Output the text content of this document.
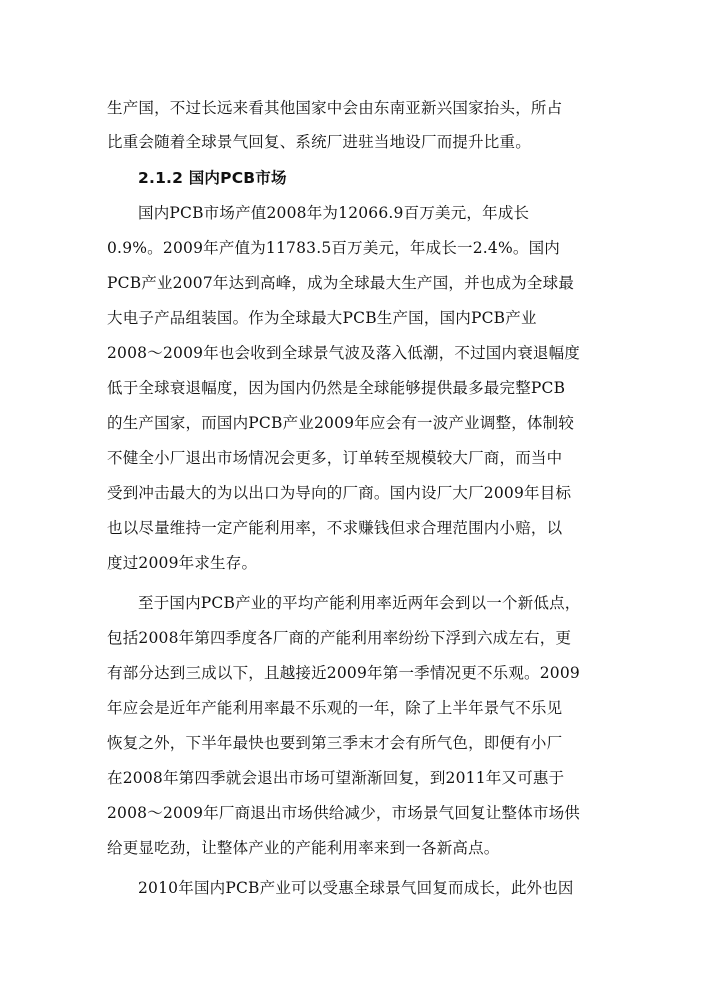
生产国，不过长远来看其他国家中会由东南亚新兴国家抬头，所占
比重会随着全球景气回复、系统厂进驻当地设厂而提升比重。
2.1.2 国内PCB市场
国内PCB市场产值2008年为12066.9百万美元，年成长
0.9%。2009年产值为11783.5百万美元，年成长一2.4%。国内
PCB产业2007年达到高峰，成为全球最大生产国，并也成为全球最
大电子产品组装国。作为全球最大PCB生产国，国内PCB产业
2008～2009年也会收到全球景气波及落入低潮，不过国内衰退幅度
低于全球衰退幅度，因为国内仍然是全球能够提供最多最完整PCB
的生产国家，而国内PCB产业2009年应会有一波产业调整，体制较
不健全小厂退出市场情况会更多，订单转至规模较大厂商，而当中
受到冲击最大的为以出口为导向的厂商。国内设厂大厂2009年目标
也以尽量维持一定产能利用率，不求赚钱但求合理范围内小赔，以
度过2009年求生存。
至于国内PCB产业的平均产能利用率近两年会到以一个新低点，
包括2008年第四季度各厂商的产能利用率纷纷下浮到六成左右，更
有部分达到三成以下，且越接近2009年第一季情况更不乐观。2009
年应会是近年产能利用率最不乐观的一年，除了上半年景气不乐见
恢复之外，下半年最快也要到第三季末才会有所气色，即便有小厂
在2008年第四季就会退出市场可望渐渐回复，到2011年又可惠于
2008～2009年厂商退出市场供给减少，市场景气回复让整体市场供
给更显吃劲，让整体产业的产能利用率来到一各新高点。
2010年国内PCB产业可以受惠全球景气回复而成长，此外也因
